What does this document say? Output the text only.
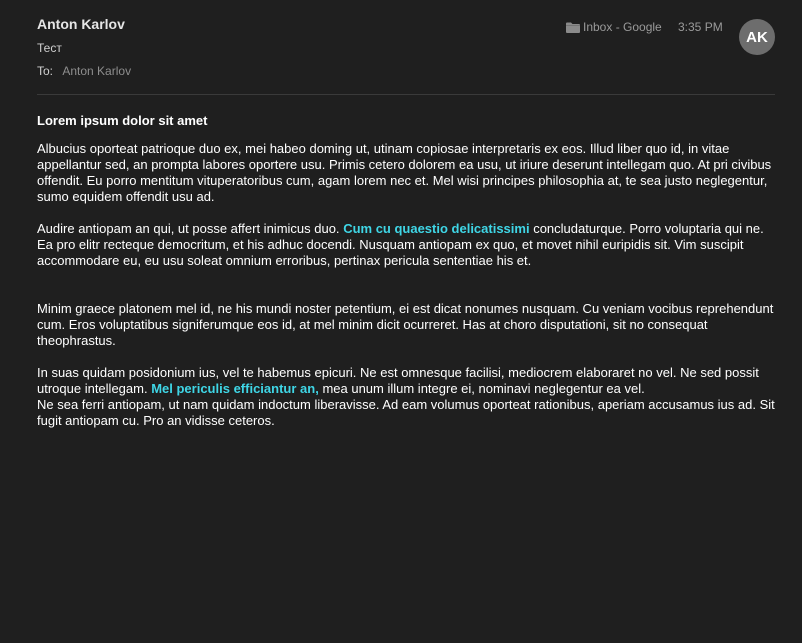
Anton Karlov
Тест
To: Anton Karlov
Inbox - Google 3:35 PM
AK
Lorem ipsum dolor sit amet

Albucius oporteat patrioque duo ex, mei habeo doming ut, utinam copiosae interpretaris ex eos. Illud liber quo id, in vitae appellantur sed, an prompta labores oportere usu. Primis cetero dolorem ea usu, ut iriure deserunt intellegam quo. At pri civibus offendit. Eu porro mentitum vituperatoribus cum, agam lorem nec et. Mel wisi principes philosophia at, te sea justo neglegentur, sumo equidem offendit usu ad.

Audire antiopam an qui, ut posse affert inimicus duo. Cum cu quaestio delicatissimi concludaturque. Porro voluptaria qui ne. Ea pro elitr recteque democritum, et his adhuc docendi. Nusquam antiopam ex quo, et movet nihil euripidis sit. Vim suscipit accommodare eu, eu usu soleat omnium erroribus, pertinax pericula sententiae his et.

Minim graece platonem mel id, ne his mundi noster petentium, ei est dicat nonumes nusquam. Cu veniam vocibus reprehendunt cum. Eros voluptatibus signiferumque eos id, at mel minim dicit ocurreret. Has at choro disputationi, sit no consequat theophrastus.

In suas quidam posidonium ius, vel te habemus epicuri. Ne est omnesque facilisi, mediocrem elaboraret no vel. Ne sed possit utroque intellegam. Mel periculis efficiantur an, mea unum illum integre ei, nominavi neglegentur ea vel.

Ne sea ferri antiopam, ut nam quidam indoctum liberavisse. Ad eam volumus oporteat rationibus, aperiam accusamus ius ad. Sit fugit antiopam cu. Pro an vidisse ceteros.
